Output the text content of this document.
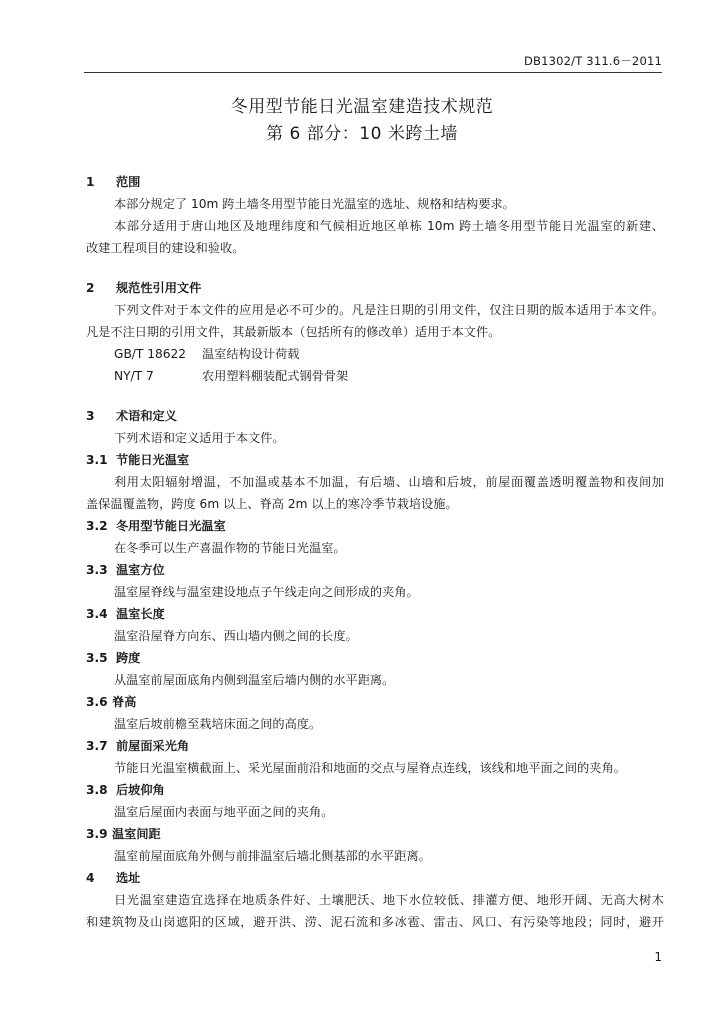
DB1302/T 311.6－2011
冬用型节能日光温室建造技术规范
第 6 部分：10 米跨土墙
1 范围
本部分规定了 10m 跨土墙冬用型节能日光温室的选址、规格和结构要求。
本部分适用于唐山地区及地理纬度和气候相近地区单栋 10m 跨土墙冬用型节能日光温室的新建、
改建工程项目的建设和验收。
2 规范性引用文件
下列文件对于本文件的应用是必不可少的。凡是注日期的引用文件，仅注日期的版本适用于本文件。
凡是不注日期的引用文件，其最新版本（包括所有的修改单）适用于本文件。
GB/T 18622 温室结构设计荷载
NY/T 7	农用塑料棚装配式钢骨骨架
3 术语和定义
下列术语和定义适用于本文件。
3.1 节能日光温室
利用太阳辐射增温，不加温或基本不加温，有后墙、山墙和后坡，前屋面覆盖透明覆盖物和夜间加
盖保温覆盖物，跨度 6m 以上、脊高 2m 以上的寒冷季节栽培设施。
3.2 冬用型节能日光温室
在冬季可以生产喜温作物的节能日光温室。
3.3 温室方位
温室屋脊线与温室建设地点子午线走向之间形成的夹角。
3.4 温室长度
温室沿屋脊方向东、西山墙内侧之间的长度。
3.5 跨度
从温室前屋面底角内侧到温室后墙内侧的水平距离。
3.6 脊高
温室后坡前檐至栽培床面之间的高度。
3.7 前屋面采光角
节能日光温室横截面上、采光屋面前沿和地面的交点与屋脊点连线，该线和地平面之间的夹角。
3.8 后坡仰角
温室后屋面内表面与地平面之间的夹角。
3.9 温室间距
温室前屋面底角外侧与前排温室后墙北侧基部的水平距离。
4 选址
日光温室建造宜选择在地质条件好、土壤肥沃、地下水位较低、排灌方便、地形开阔、无高大树木
和建筑物及山岗遮阳的区域，避开洪、涝、泥石流和多冰雹、雷击、风口、有污染等地段；同时，避开
1
